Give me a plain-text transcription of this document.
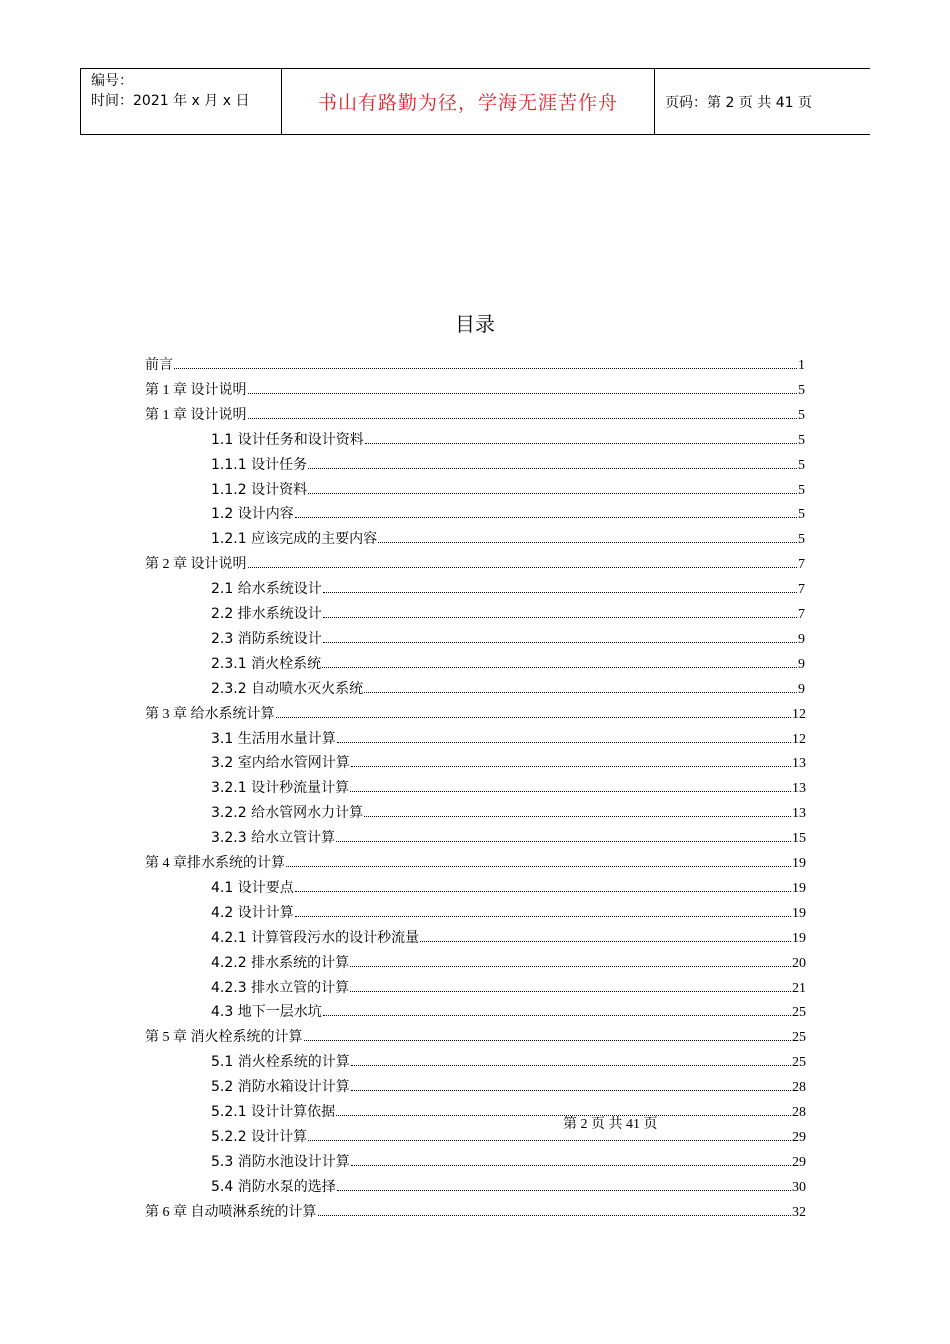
编号：
时间：2021 年 x 月 x 日	书山有路勤为径，学海无涯苦作舟	页码：第 2 页 共 41 页
目录
前言	1
第 1 章 设计说明	5
第 1 章 设计说明	5
1.1 设计任务和设计资料	5
1.1.1 设计任务	5
1.1.2 设计资料	5
1.2 设计内容	5
1.2.1 应该完成的主要内容	5
第 2 章 设计说明	7
2.1 给水系统设计	7
2.2 排水系统设计	7
2.3 消防系统设计	9
2.3.1 消火栓系统	9
2.3.2 自动喷水灭火系统	9
第 3 章 给水系统计算	12
3.1 生活用水量计算	12
3.2 室内给水管网计算	13
3.2.1 设计秒流量计算	13
3.2.2 给水管网水力计算	13
3.2.3 给水立管计算	15
第 4 章排水系统的计算	19
4.1 设计要点	19
4.2 设计计算	19
4.2.1 计算管段污水的设计秒流量	19
4.2.2 排水系统的计算	20
4.2.3 排水立管的计算	21
4.3 地下一层水坑	25
第 5 章 消火栓系统的计算	25
5.1 消火栓系统的计算	25
5.2 消防水箱设计计算	28
5.2.1 设计计算依据	28
5.2.2 设计计算	29
5.3 消防水池设计计算	29
5.4 消防水泵的选择	30
第 6 章 自动喷淋系统的计算	32
第 2 页 共 41 页
